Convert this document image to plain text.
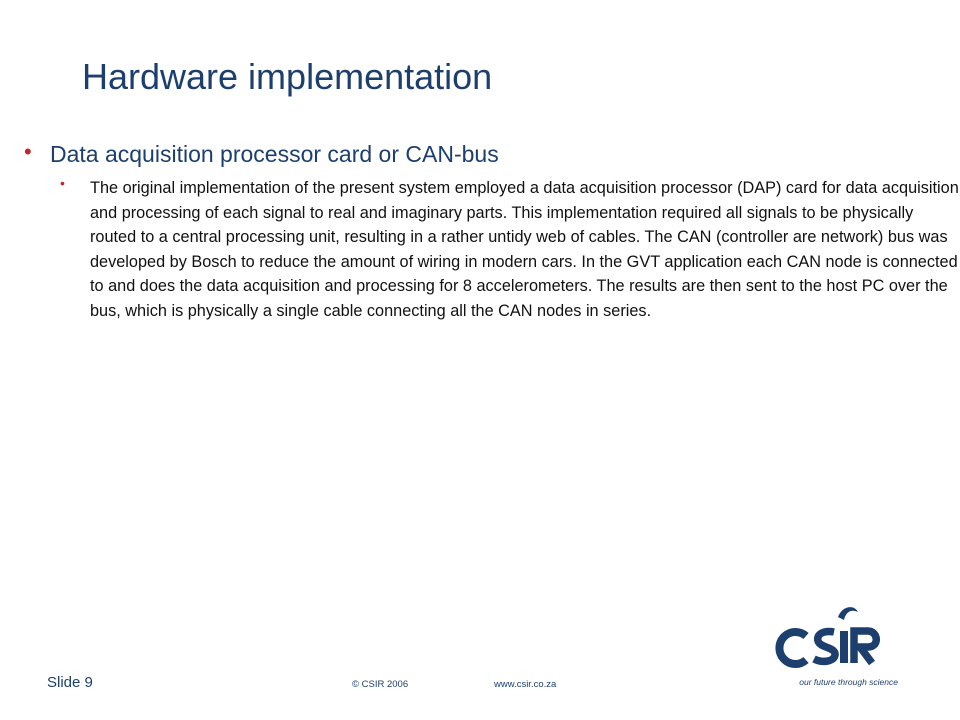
Hardware implementation
• Data acquisition processor card or CAN-bus
• The original implementation of the present system employed a data acquisition processor (DAP) card for data acquisition and processing of each signal to real and imaginary parts. This implementation required all signals to be physically routed to a central processing unit, resulting in a rather untidy web of cables. The CAN (controller are network) bus was developed by Bosch to reduce the amount of wiring in modern cars. In the GVT application each CAN node is connected to and does the data acquisition and processing for 8 accelerometers. The results are then sent to the host PC over the bus, which is physically a single cable connecting all the CAN nodes in series.
Slide 9	© CSIR 2006	www.csir.co.za	our future through science
